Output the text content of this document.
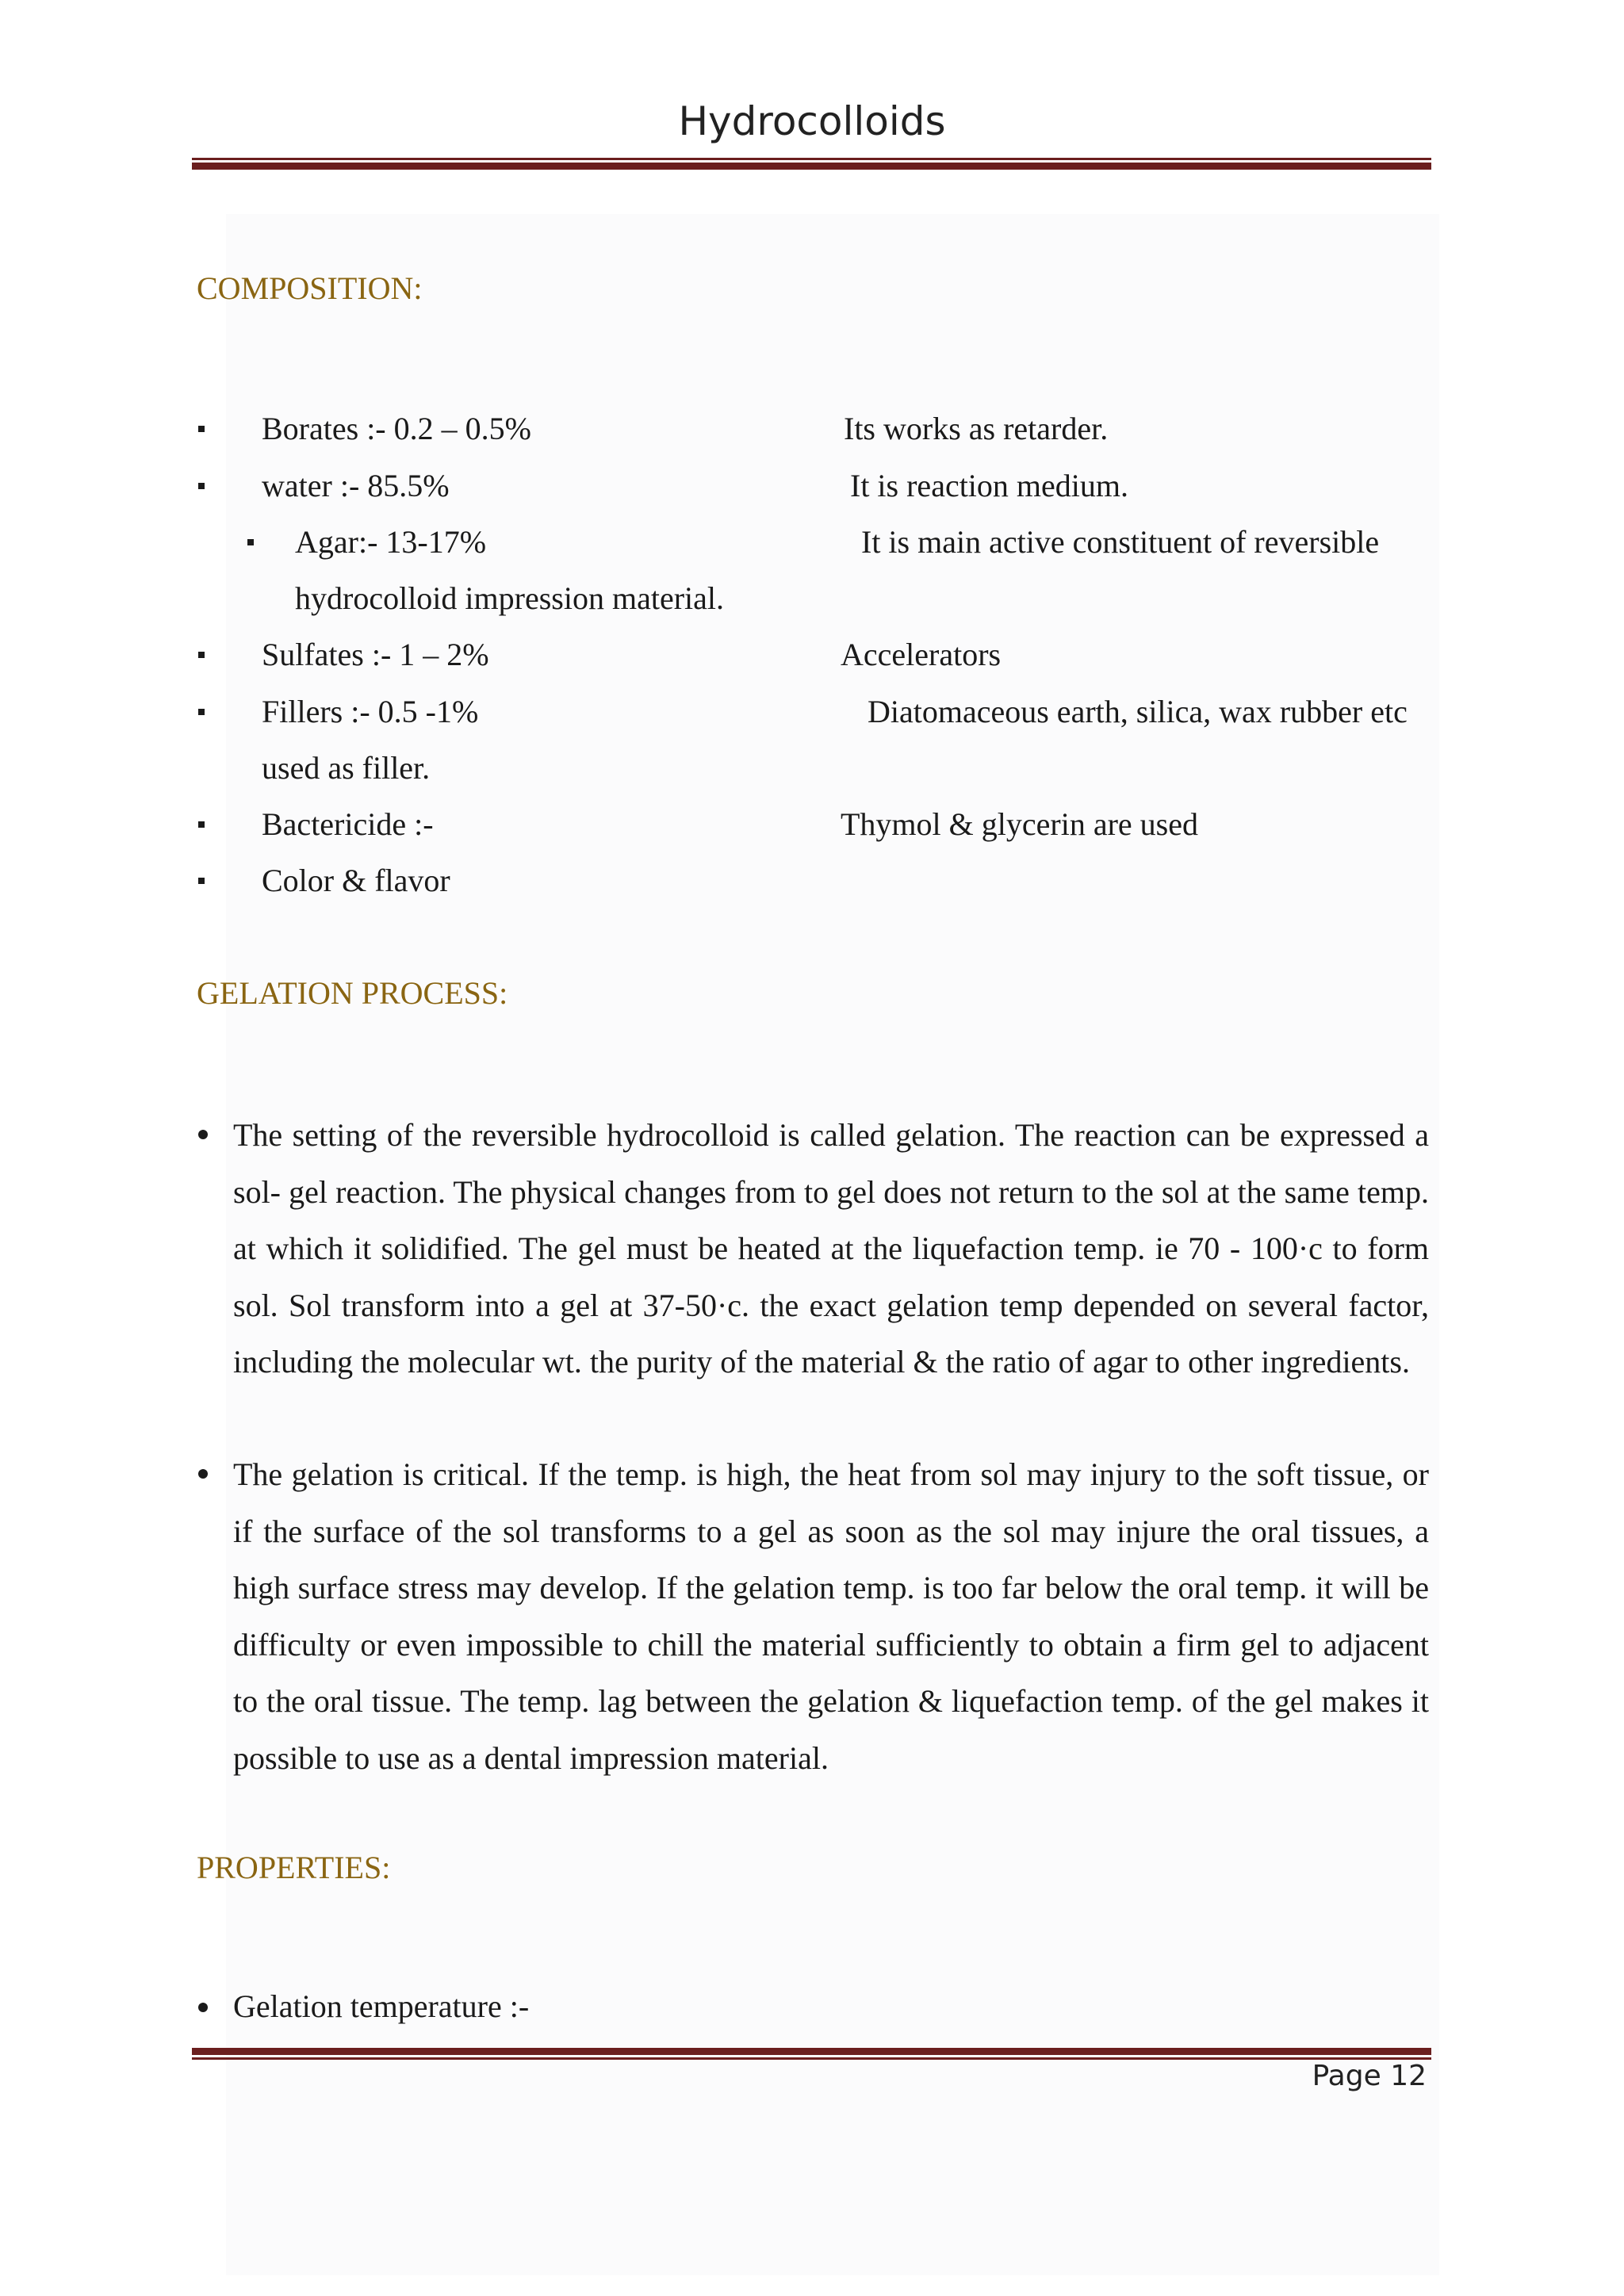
Hydrocolloids
COMPOSITION:
Borates :- 0.2 – 0.5%	Its works as retarder.
water :- 85.5%	It is reaction medium.
Agar:- 13-17%	It is main active constituent of reversible
hydrocolloid impression material.
Sulfates :- 1 – 2%	Accelerators
Fillers :- 0.5 -1%	Diatomaceous earth, silica, wax rubber etc
used as filler.
Bactericide :-	Thymol & glycerin are used
Color & flavor
GELATION PROCESS:
The setting of the reversible hydrocolloid is called gelation. The reaction can be expressed a sol- gel reaction. The physical changes from to gel does not return to the sol at the same temp. at which it solidified. The gel must be heated at the liquefaction temp. ie 70 - 100·c to form sol. Sol transform into a gel at 37-50·c. the exact gelation temp depended on several factor, including the molecular wt. the purity of the material & the ratio of agar to other ingredients.
The gelation is critical. If the temp. is high, the heat from sol may injury to the soft tissue, or if the surface of the sol transforms to a gel as soon as the sol may injure the oral tissues, a high surface stress may develop. If the gelation temp. is too far below the oral temp. it will be difficulty or even impossible to chill the material sufficiently to obtain a firm gel to adjacent to the oral tissue. The temp. lag between the gelation & liquefaction temp. of the gel makes it possible to use as a dental impression material.
PROPERTIES:
Gelation temperature :-
Page 12
